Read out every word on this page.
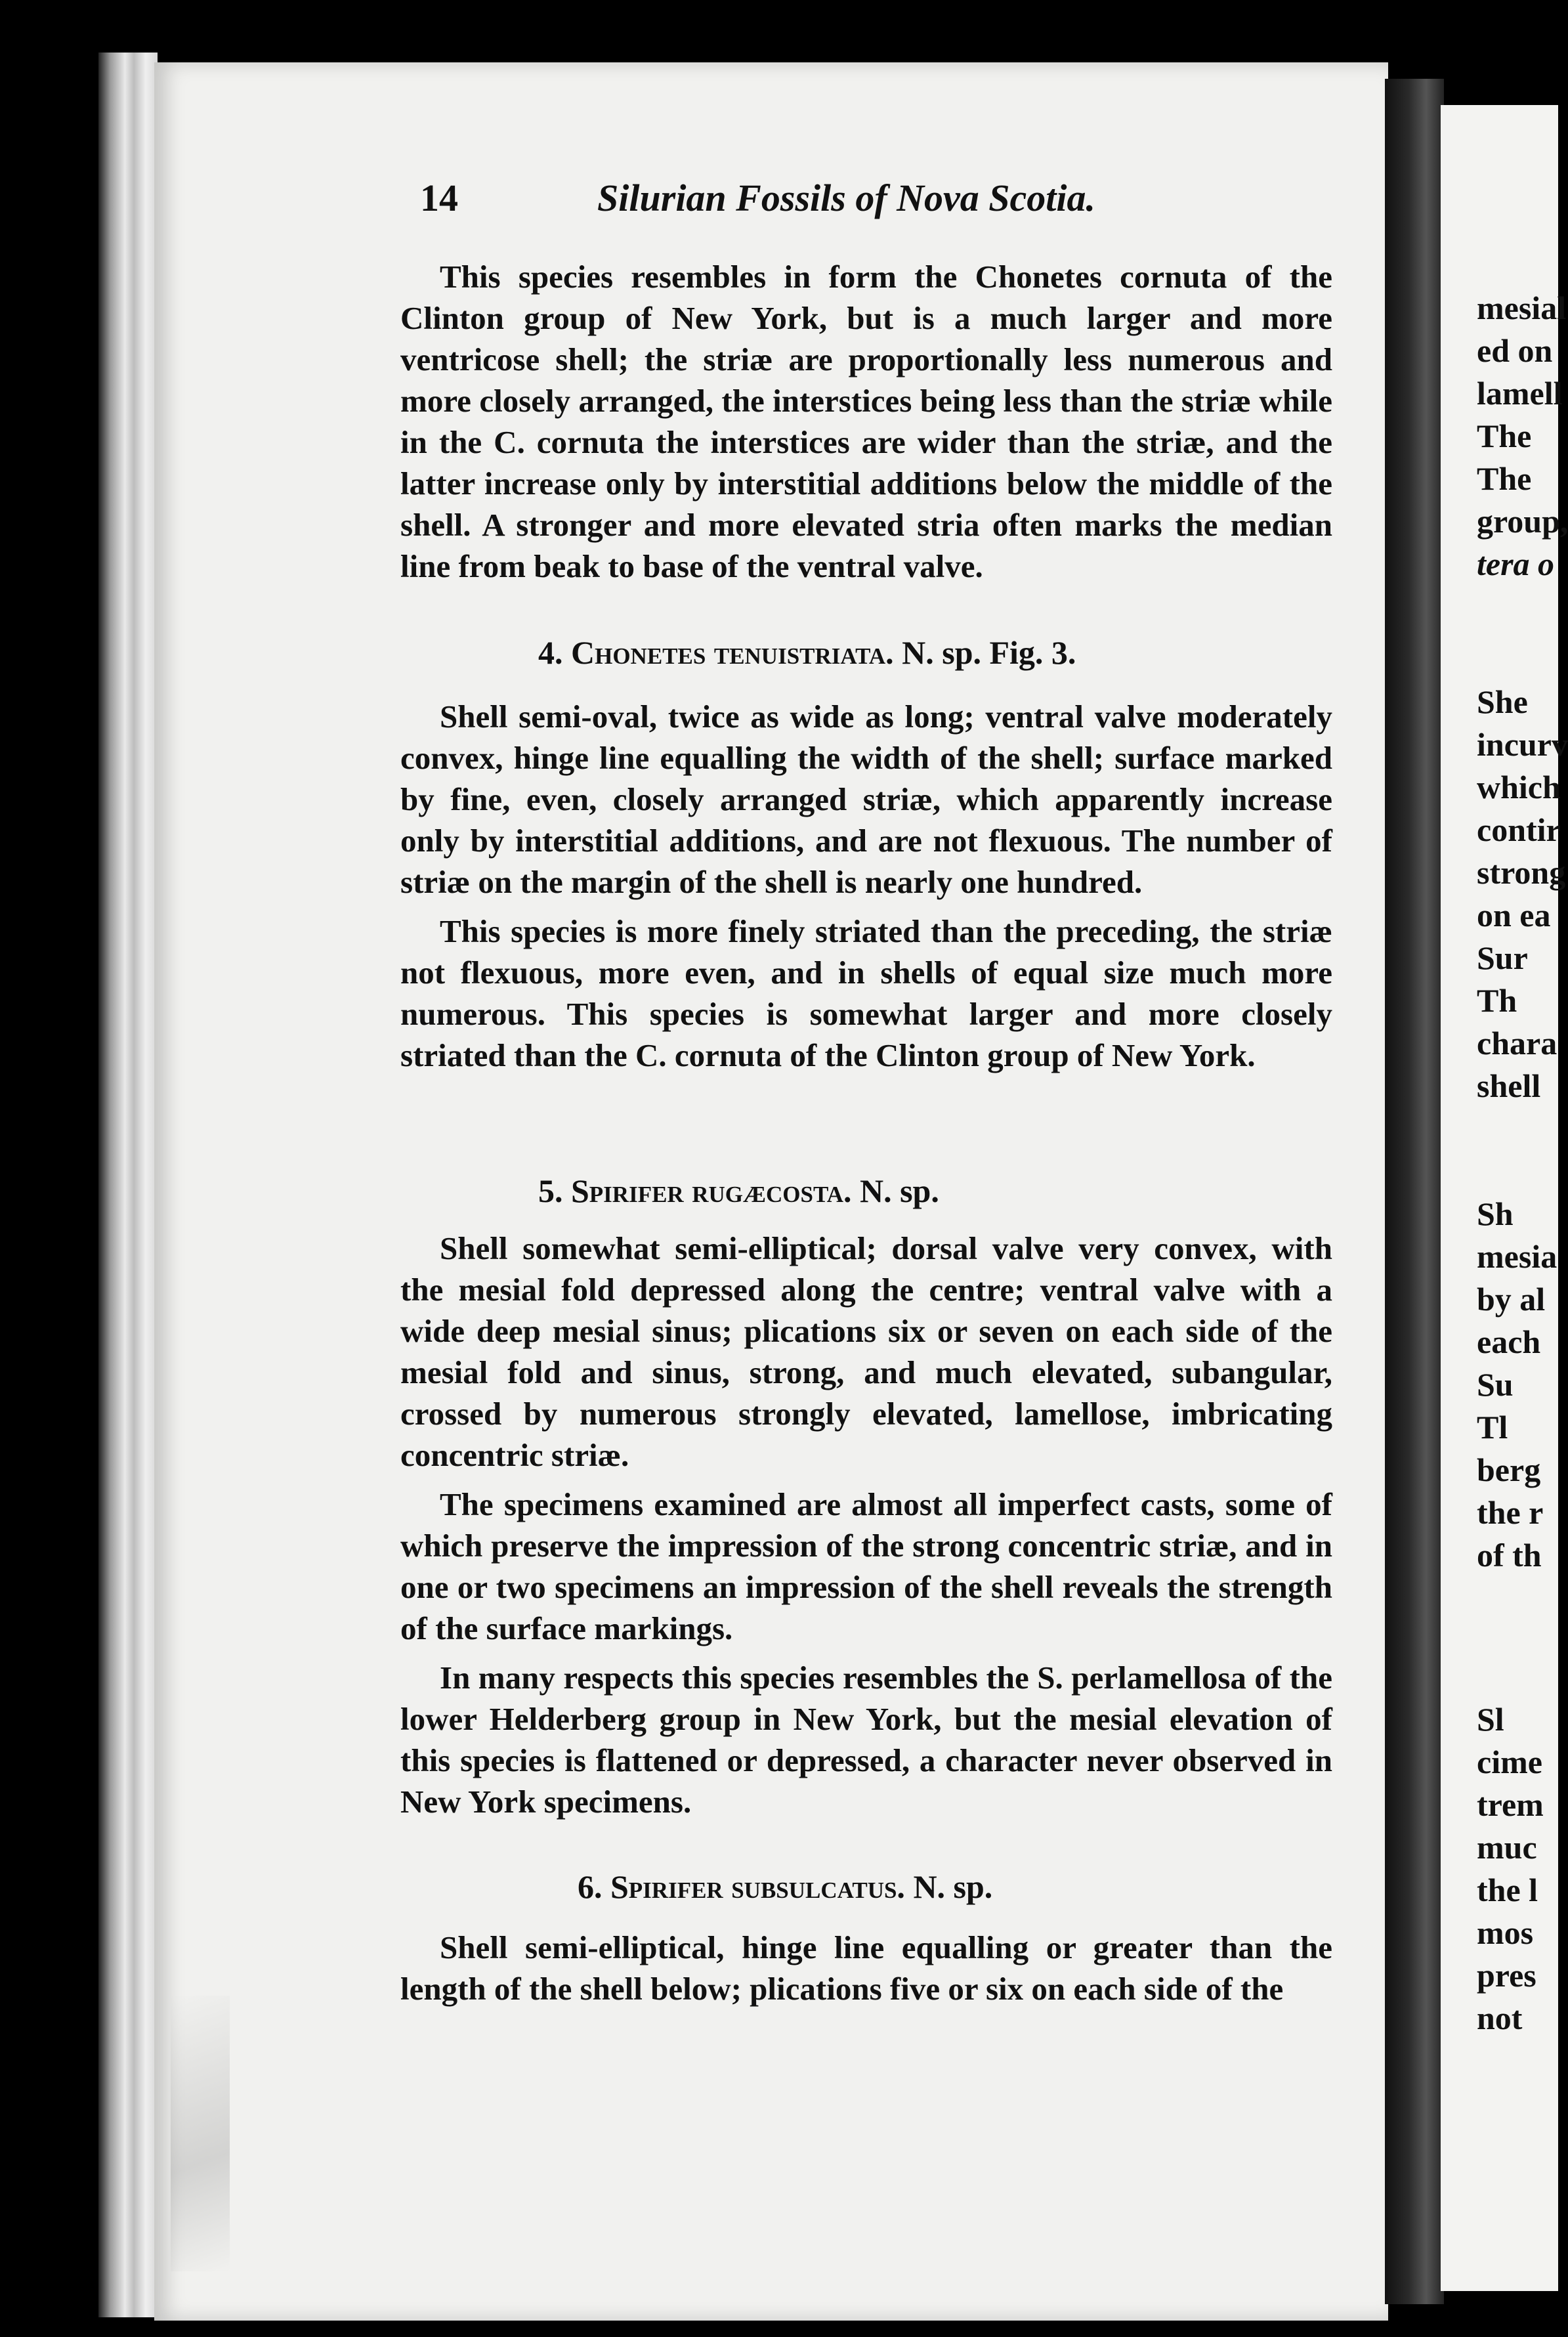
14	Silurian Fossils of Nova Scotia.

This species resembles in form the Chonetes cornuta of the Clinton group of New York, but is a much larger and more ventricose shell; the striæ are proportionally less numerous and more closely arranged, the interstices being less than the striæ while in the C. cornuta the interstices are wider than the striæ, and the latter increase only by interstitial additions below the middle of the shell. A stronger and more elevated stria often marks the median line from beak to base of the ventral valve.

4. Chonetes tenuistriata. N. sp. Fig. 3.

Shell semi-oval, twice as wide as long; ventral valve moderately convex, hinge line equalling the width of the shell; surface marked by fine, even, closely arranged striæ, which apparently increase only by interstitial additions, and are not flexuous. The number of striæ on the margin of the shell is nearly one hundred.

This species is more finely striated than the preceding, the striæ not flexuous, more even, and in shells of equal size much more numerous. This species is somewhat larger and more closely striated than the C. cornuta of the Clinton group of New York.

5. Spirifer rugæcosta. N. sp.

Shell somewhat semi-elliptical; dorsal valve very convex, with the mesial fold depressed along the centre; ventral valve with a wide deep mesial sinus; plications six or seven on each side of the mesial fold and sinus, strong, and much elevated, subangular, crossed by numerous strongly elevated, lamellose, imbricating concentric striæ.

The specimens examined are almost all imperfect casts, some of which preserve the impression of the strong concentric striæ, and in one or two specimens an impression of the shell reveals the strength of the surface markings.

In many respects this species resembles the S. perlamellosa of the lower Helderberg group in New York, but the mesial elevation of this species is flattened or depressed, a character never observed in New York specimens.

6. Spirifer subsulcatus. N. sp.

Shell semi-elliptical, hinge line equalling or greater than the length of the shell below; plications five or six on each side of the

mesial
ed on
lamell
The
The
group,
tera o
She
incurv
which
contir
strong
on ea
Sur
Th
chara
shell
Sh
mesia
by al
each
Su
Tl
berg
the r
of th
Sl
cime
trem
muc
the l
mos
pres
not
